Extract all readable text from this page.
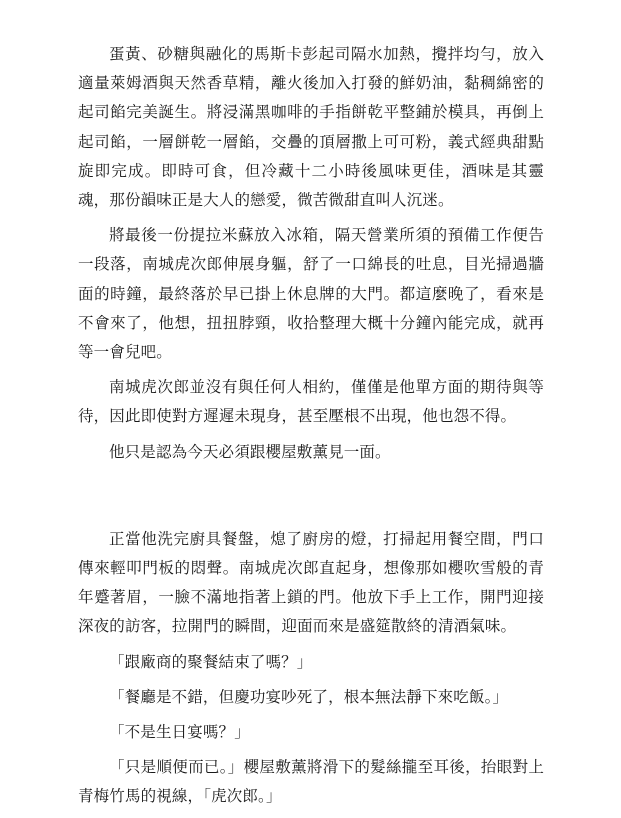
蛋黃、砂糖與融化的馬斯卡彭起司隔水加熱，攪拌均勻，放入適量萊姆酒與天然香草精，離火後加入打發的鮮奶油，黏稠綿密的起司餡完美誕生。將浸滿黑咖啡的手指餅乾平整鋪於模具，再倒上起司餡，一層餅乾一層餡，交疊的頂層撒上可可粉，義式經典甜點旋即完成。即時可食，但冷藏十二小時後風味更佳，酒味是其靈魂，那份韻味正是大人的戀愛，微苦微甜直叫人沉迷。

將最後一份提拉米蘇放入冰箱，隔天營業所須的預備工作便告一段落，南城虎次郎伸展身軀，舒了一口綿長的吐息，目光掃過牆面的時鐘，最終落於早已掛上休息牌的大門。都這麼晚了，看來是不會來了，他想，扭扭脖頸，收拾整理大概十分鐘內能完成，就再等一會兒吧。

南城虎次郎並沒有與任何人相約，僅僅是他單方面的期待與等待，因此即使對方遲遲未現身，甚至壓根不出現，他也怨不得。

他只是認為今天必須跟櫻屋敷薰見一面。

正當他洗完廚具餐盤，熄了廚房的燈，打掃起用餐空間，門口傳來輕叩門板的悶聲。南城虎次郎直起身，想像那如櫻吹雪般的青年蹙著眉，一臉不滿地指著上鎖的門。他放下手上工作，開門迎接深夜的訪客，拉開門的瞬間，迎面而來是盛筵散終的清酒氣味。

「跟廠商的聚餐結束了嗎？」

「餐廳是不錯，但慶功宴吵死了，根本無法靜下來吃飯。」

「不是生日宴嗎？」

「只是順便而已。」櫻屋敷薰將滑下的髮絲攏至耳後，抬眼對上青梅竹馬的視線，「虎次郎。」
